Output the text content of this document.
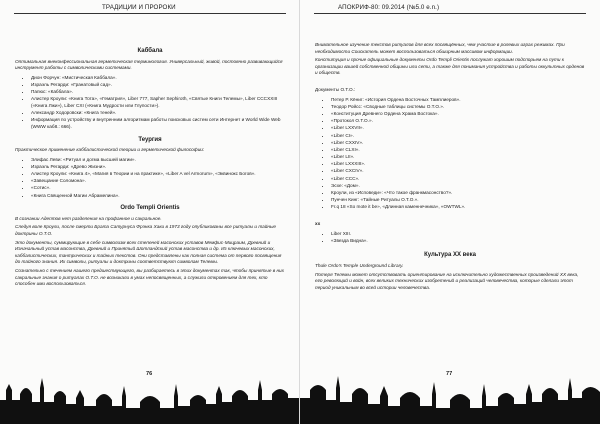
ТРАДИЦИИ И ПРОРОКИ
Каббала

Оптимальная внеконфессиональная герметическая терминология. Универсальный, живой, постоянно развивающийся инструмент работы с символическими системами.

• Дион Форчун: «Мистическая Каббала».
• Израэль Регарди: «Гранатовый сад».
• Папюс: «Каббала».
• Алистер Кроули: «Книга Тота», «Гематрия», Liber 777, Sapher Sephiroth, «Святые Книги Телемы», Liber CCCXXIII («Книга Лжи»), Liber CXI («Книга Мудрости или Глупости»).
• Александр Ходоровски: «Книга теней».
• Информация по устройству и внутренним алгоритмам работы поисковых систем сети Интернет и World Wide Web (WWW каб8.: 666).
Теургия

Практическое применение каббалистической теории и герметической философии:

• Элифас Леви: «Ритуал и догма высшей магии».
• Израэль Регарди: «Древо Жизни».
• Алистер Кроули: «Книга 4», «Магия в Теории и на практике», «Liber A vel Armorum», «Эквинокс Богов».
• «Завещание Соломона».
• «Сотис».
• «Книга Священной Магии Абрамелина».
Ordo Templi Orientis

В сознании Адептов нет разделения на профанное и сакральное.

Следуя воле Кроули, после смерти Брата Сатурнуса Фрэнка Хаки в 1973 году опубликованы все ритуалы и тайные доктрины O.T.O.

Это документы, суммирующие в себе символизм всех степеней масонских уставов Мемфис-Мицраим, Древний и Изначальный устав масонства, Древний и Принятый Шотландский устав масонства и др. Из ключевых масонских, каббалистических, тантрических и тайных текстов. Они представлены как полная система от первого посвящения до тайного знания. Их символы, ритуалы и доктрины соответствуют символам Телемы.

Сознательно с течением нашего предшествующего, вы разбираетесь в этих документах так, чтобы принятые в них сакральные знания о ритуалах O.T.O. не возникали в умах непосвященных, а служили откровением для тех, кто способен ими воспользоваться.

76
АПОКРИФ-80: 09.2014 (№5.0 e.n.)

Внимательное изучение текстов ритуалов для всех посвящённых, чем участие в ролевых играх режимах. При необходимости Соискатель может воспользоваться обширным массивом информации.

Конституция и прочие официальные документы Ordo Templi Orientis послужат хорошим подспорьем на пути к организации вашей собственной общины или сети, а также для понимания устройства и работы оккультных орденов и обществ.

Документы O.T.O.:

• Петер Р. Кёниг: «История Ордена Восточных Тамплиеров».
• Теодор Ройсс: «Сводные таблицы системы O.T.O.».
• «Конституция Древнего Ордена Храма Востока».
• «Протокол O.T.O.».
• «Liber LXXVII».
• «Liber CI».
• «Liber CXXIV».
• «Liber CLXI».
• «Liber LII».
• «Liber LXXXIII».
• «Liber CXCIV».
• «Liber CCC».
• Эсхе: «Дом».
• Кроули, из «Исповеди»: «Что такое франкмасонство?».
• Пунчен Кинг: «Тайные Ритуалы O.T.O.».
• Fr.q 18 «So mote it be», «Длинная каменнечника», «OWTWL».

xx

• Liber XIII.
• «Звезда Видна».
Культура XX века

Thule Ordo's Temple Underground Library.

Потеря Телемы может отсутствовать ориентирование на исключительно художественных произведений XX века, его революций и войн, всех великих технических изобретений и реализаций человечества, которые сделали этот период уникальным во всей истории человечества.

77
